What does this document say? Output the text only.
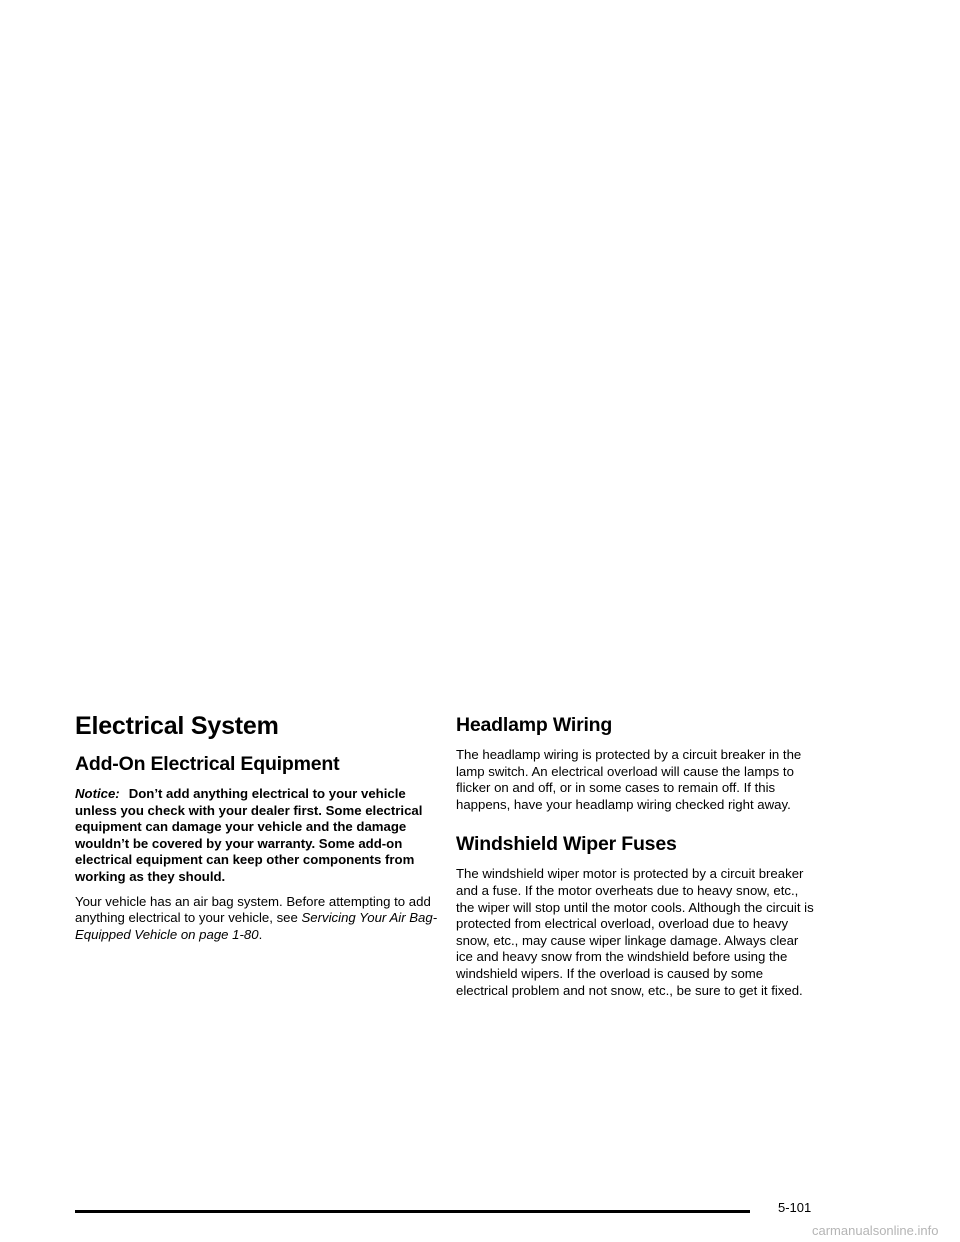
Electrical System
Add-On Electrical Equipment

Notice: Don’t add anything electrical to your vehicle unless you check with your dealer first. Some electrical equipment can damage your vehicle and the damage wouldn’t be covered by your warranty. Some add-on electrical equipment can keep other components from working as they should.

Your vehicle has an air bag system. Before attempting to add anything electrical to your vehicle, see Servicing Your Air Bag-Equipped Vehicle on page 1-80.

Headlamp Wiring

The headlamp wiring is protected by a circuit breaker in the lamp switch. An electrical overload will cause the lamps to flicker on and off, or in some cases to remain off. If this happens, have your headlamp wiring checked right away.

Windshield Wiper Fuses

The windshield wiper motor is protected by a circuit breaker and a fuse. If the motor overheats due to heavy snow, etc., the wiper will stop until the motor cools. Although the circuit is protected from electrical overload, overload due to heavy snow, etc., may cause wiper linkage damage. Always clear ice and heavy snow from the windshield before using the windshield wipers. If the overload is caused by some electrical problem and not snow, etc., be sure to get it fixed.

5-101
carmanualsonline.info
